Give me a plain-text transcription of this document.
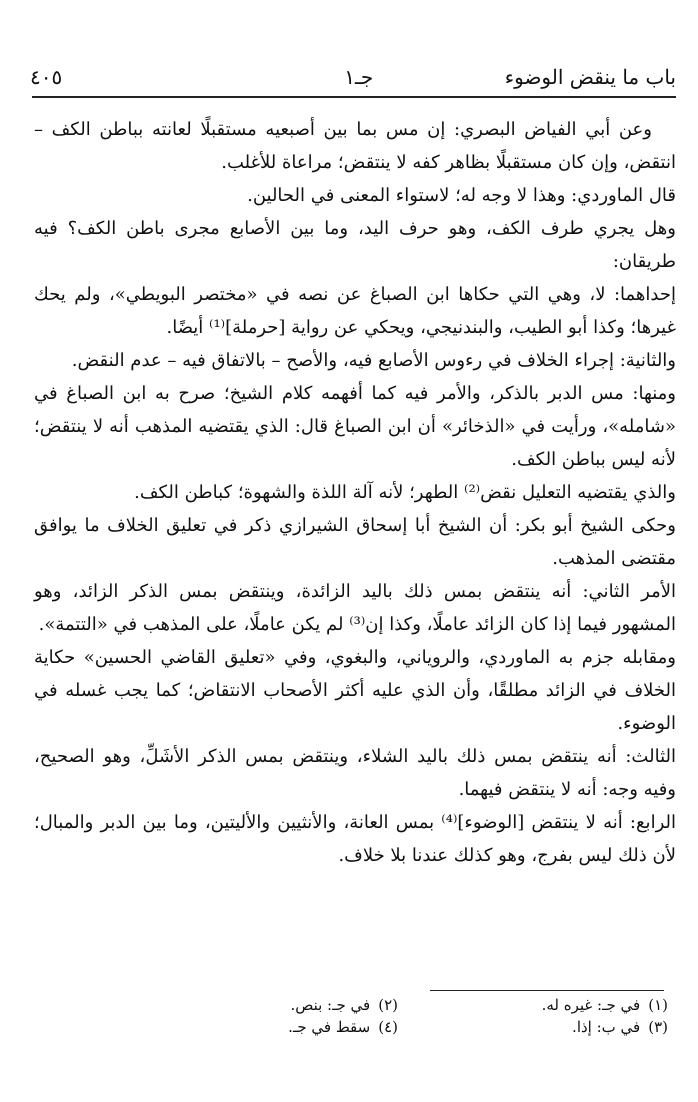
باب ما ينقض الوضوء
جـ١
٤٠٥

وعن أبي الفياض البصري: إن مس بما بين أصبعيه مستقبلًا لعانته بباطن الكف – انتقض، وإن كان مستقبلًا بظاهر كفه لا ينتقض؛ مراعاة للأغلب.

قال الماوردي: وهذا لا وجه له؛ لاستواء المعنى في الحالين.

وهل يجري طرف الكف، وهو حرف اليد، وما بين الأصابع مجرى باطن الكف؟ فيه طريقان:

إحداهما: لا، وهي التي حكاها ابن الصباغ عن نصه في «مختصر البويطي»، ولم يحك غيرها؛ وكذا أبو الطيب، والبندنيجي، ويحكي عن رواية [حرملة]⁽¹⁾ أيضًا.

والثانية: إجراء الخلاف في رءوس الأصابع فيه، والأصح – بالاتفاق فيه – عدم النقض.

ومنها: مس الدبر بالذكر، والأمر فيه كما أفهمه كلام الشيخ؛ صرح به ابن الصباغ في «شامله»، ورأيت في «الذخائر» أن ابن الصباغ قال: الذي يقتضيه المذهب أنه لا ينتقض؛ لأنه ليس بباطن الكف.

والذي يقتضيه التعليل نقض⁽²⁾ الطهر؛ لأنه آلة اللذة والشهوة؛ كباطن الكف.

وحكى الشيخ أبو بكر: أن الشيخ أبا إسحاق الشيرازي ذكر في تعليق الخلاف ما يوافق مقتضى المذهب.

الأمر الثاني: أنه ينتقض بمس ذلك باليد الزائدة، وينتقض بمس الذكر الزائد، وهو المشهور فيما إذا كان الزائد عاملًا، وكذا إن⁽³⁾ لم يكن عاملًا، على المذهب في «التتمة».

ومقابله جزم به الماوردي، والروياني، والبغوي، وفي «تعليق القاضي الحسين» حكاية الخلاف في الزائد مطلقًا، وأن الذي عليه أكثر الأصحاب الانتقاض؛ كما يجب غسله في الوضوء.

الثالث: أنه ينتقض بمس ذلك باليد الشلاء، وينتقض بمس الذكر الأشَلِّ، وهو الصحيح، وفيه وجه: أنه لا ينتقض فيهما.

الرابع: أنه لا ينتقض [الوضوء]⁽⁴⁾ بمس العانة، والأنثيين والأليتين، وما بين الدبر والمبال؛ لأن ذلك ليس بفرج، وهو كذلك عندنا بلا خلاف.

(١)في جـ: غيره له.
(٢)في جـ: بنص.
(٣)في ب: إذا.
(٤)سقط في جـ.
